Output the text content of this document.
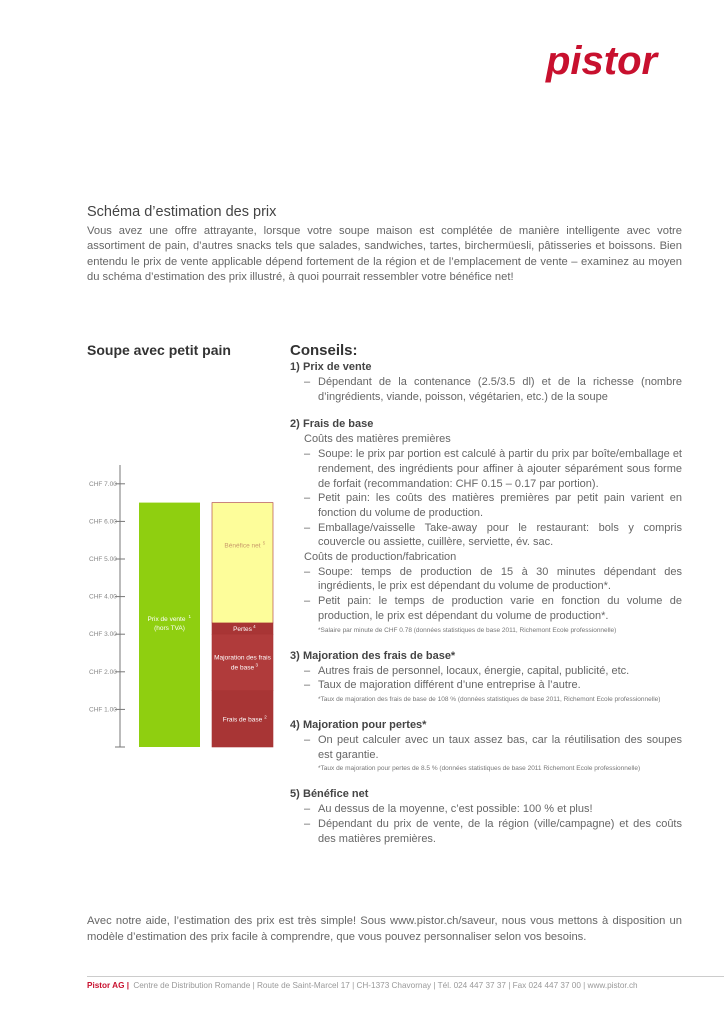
pistor
Schéma d’estimation des prix

Vous avez une offre attrayante, lorsque votre soupe maison est complétée de manière intelligente avec votre assortiment de pain, d’autres snacks tels que salades, sandwiches, tartes, birchermüesli, pâtisseries et boissons. Bien entendu le prix de vente applicable dépend fortement de la région et de l’emplacement de vente – examinez au moyen du schéma d’estimation des prix illustré, à quoi pourrait ressembler votre bénéfice net!

Soupe avec petit pain	Conseils:
CHF 1.00
CHF 2.00
CHF 3.00
CHF 4.00
CHF 5.00
CHF 6.00
CHF 7.00
Prix de vente 1
(hors TVA)
Frais de base 2
Majoration des frais
de base 3
Pertes 4
Bénéfice net 5

1) Prix de vente

– Dépendant de la contenance (2.5/3.5 dl) et de la richesse (nombre d’ingrédients, viande, poisson, végétarien, etc.) de la soupe

2) Frais de base

Coûts des matières premières

– Soupe: le prix par portion est calculé à partir du prix par boîte/emballage et rendement, des ingrédients pour affiner à ajouter séparément sous forme de forfait (recommandation: CHF 0.15 – 0.17 par portion).

– Petit pain: les coûts des matières premières par petit pain varient en fonction du volume de production.

– Emballage/vaisselle Take-away pour le restaurant: bols y compris couvercle ou assiette, cuillère, serviette, év. sac.

Coûts de production/fabrication

– Soupe: temps de production de 15 à 30 minutes dépendant des ingrédients, le prix est dépendant du volume de production*.

– Petit pain: le temps de production varie en fonction du volume de production, le prix est dépendant du volume de production*.

*Salaire par minute de CHF 0.78 (données statistiques de base 2011, Richemont Ecole professionnelle)

3) Majoration des frais de base*

– Autres frais de personnel, locaux, énergie, capital, publicité, etc.

– Taux de majoration différent d’une entreprise à l’autre.

*Taux de majoration des frais de base de 108 % (données statistiques de base 2011, Richemont Ecole professionnelle)

4) Majoration pour pertes*

– On peut calculer avec un taux assez bas, car la réutilisation des soupes est garantie.

*Taux de majoration pour pertes de 8.5 % (données statistiques de base 2011 Richemont Ecole professionnelle)

5) Bénéfice net

– Au dessus de la moyenne, c’est possible: 100 % et plus!

– Dépendant du prix de vente, de la région (ville/campagne) et des coûts des matières premières.

Avec notre aide, l’estimation des prix est très simple! Sous www.pistor.ch/saveur, nous vous mettons à disposition un modèle d’estimation des prix facile à comprendre, que vous pouvez personnaliser selon vos besoins.

Pistor AG | Centre de Distribution Romande | Route de Saint-Marcel 17 | CH-1373 Chavornay | Tél. 024 447 37 37 | Fax 024 447 37 00 | www.pistor.ch
